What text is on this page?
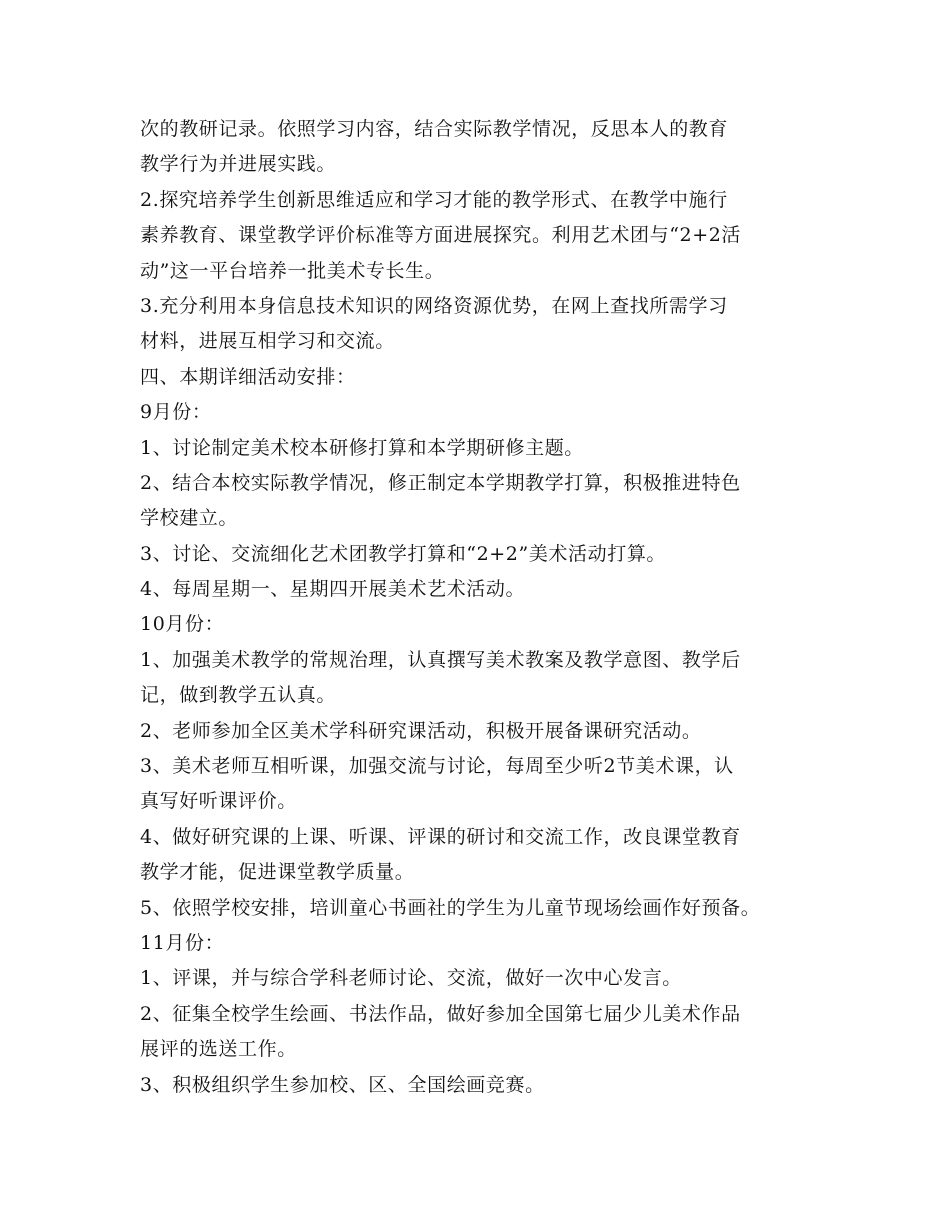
次的教研记录。依照学习内容，结合实际教学情况，反思本人的教育
教学行为并进展实践。
2.探究培养学生创新思维适应和学习才能的教学形式、在教学中施行
素养教育、课堂教学评价标准等方面进展探究。利用艺术团与“2+2活
动”这一平台培养一批美术专长生。
3.充分利用本身信息技术知识的网络资源优势，在网上查找所需学习
材料，进展互相学习和交流。
四、本期详细活动安排：
9月份：
1、讨论制定美术校本研修打算和本学期研修主题。
2、结合本校实际教学情况，修正制定本学期教学打算，积极推进特色
学校建立。
3、讨论、交流细化艺术团教学打算和“2+2”美术活动打算。
4、每周星期一、星期四开展美术艺术活动。
10月份：
1、加强美术教学的常规治理，认真撰写美术教案及教学意图、教学后
记，做到教学五认真。
2、老师参加全区美术学科研究课活动，积极开展备课研究活动。
3、美术老师互相听课，加强交流与讨论，每周至少听2节美术课，认
真写好听课评价。
4、做好研究课的上课、听课、评课的研讨和交流工作，改良课堂教育
教学才能，促进课堂教学质量。
5、依照学校安排，培训童心书画社的学生为儿童节现场绘画作好预备。
11月份：
1、评课，并与综合学科老师讨论、交流，做好一次中心发言。
2、征集全校学生绘画、书法作品，做好参加全国第七届少儿美术作品
展评的选送工作。
3、积极组织学生参加校、区、全国绘画竞赛。
